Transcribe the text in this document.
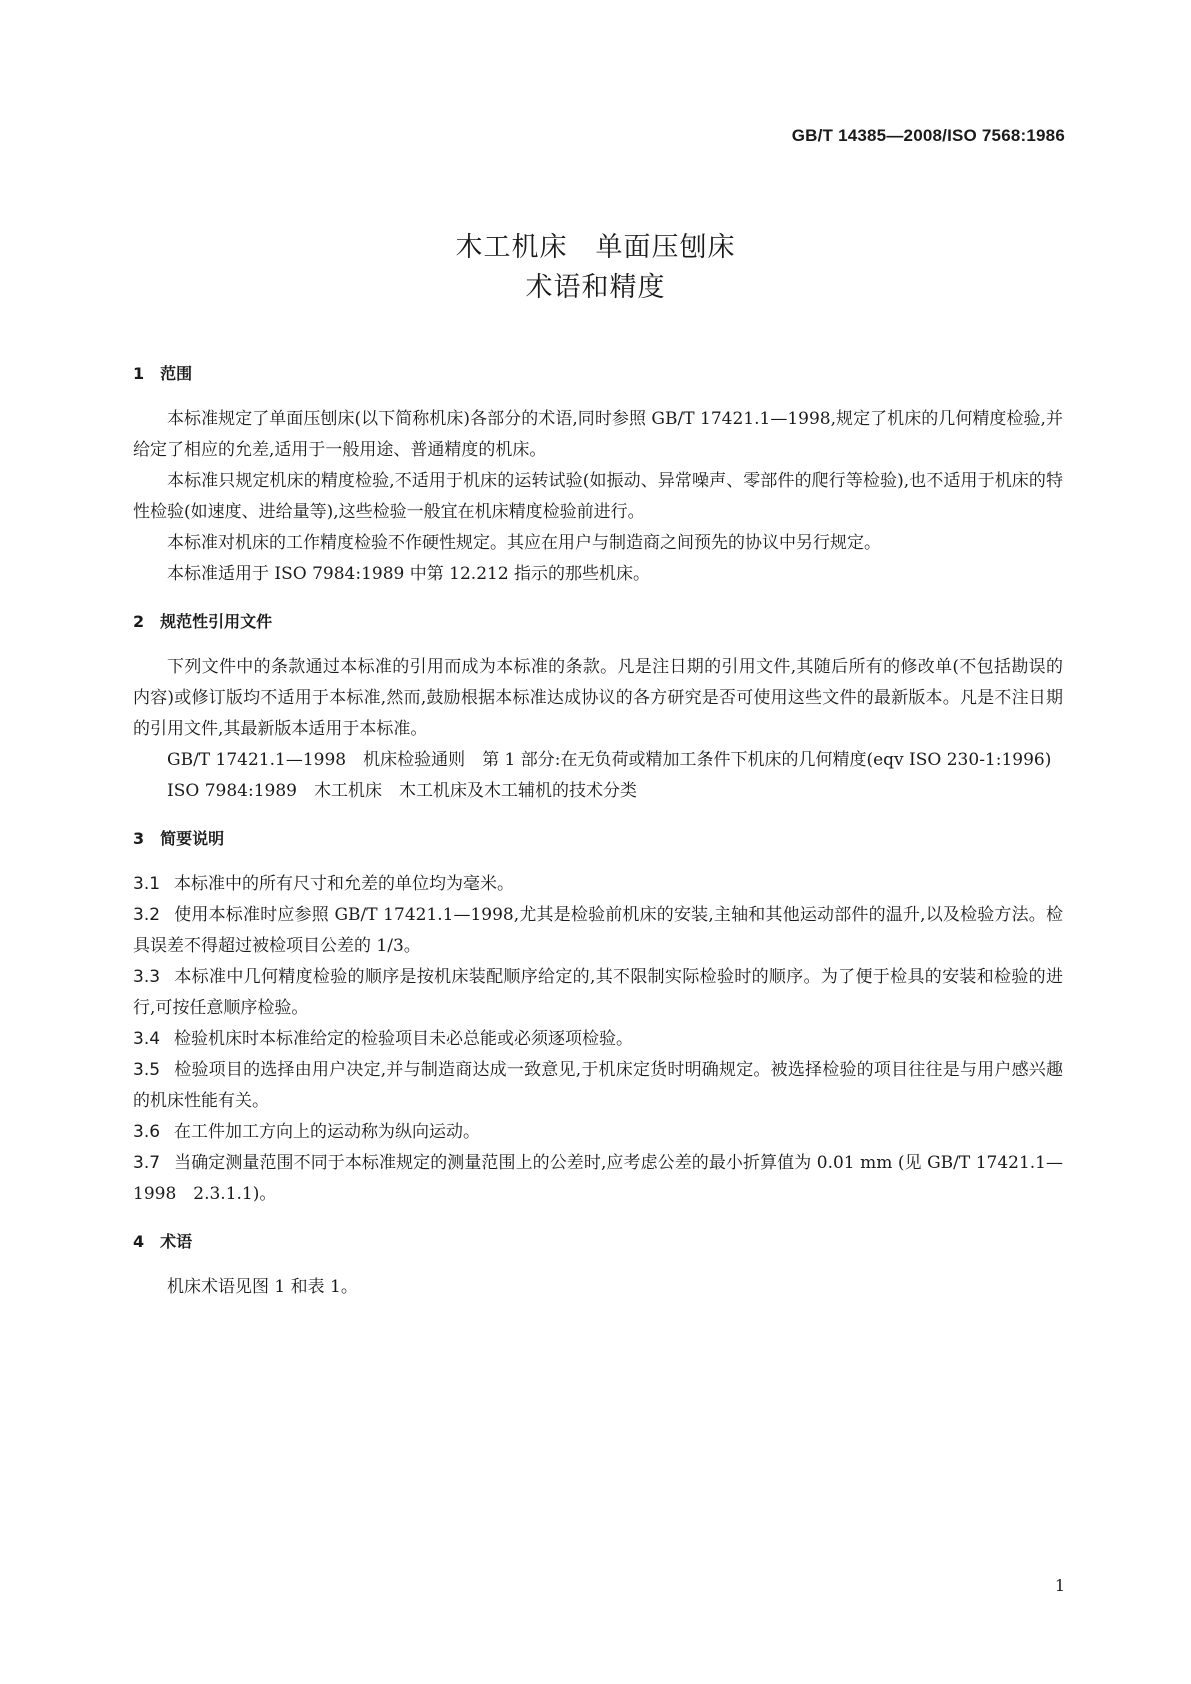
GB/T 14385—2008/ISO 7568:1986
木工机床　单面压刨床
术语和精度
1　范围

本标准规定了单面压刨床(以下简称机床)各部分的术语,同时参照 GB/T 17421.1—1998,规定了机床的几何精度检验,并给定了相应的允差,适用于一般用途、普通精度的机床。

本标准只规定机床的精度检验,不适用于机床的运转试验(如振动、异常噪声、零部件的爬行等检验),也不适用于机床的特性检验(如速度、进给量等),这些检验一般宜在机床精度检验前进行。

本标准对机床的工作精度检验不作硬性规定。其应在用户与制造商之间预先的协议中另行规定。

本标准适用于 ISO 7984:1989 中第 12.212 指示的那些机床。

2　规范性引用文件

下列文件中的条款通过本标准的引用而成为本标准的条款。凡是注日期的引用文件,其随后所有的修改单(不包括勘误的内容)或修订版均不适用于本标准,然而,鼓励根据本标准达成协议的各方研究是否可使用这些文件的最新版本。凡是不注日期的引用文件,其最新版本适用于本标准。

GB/T 17421.1—1998　机床检验通则　第 1 部分:在无负荷或精加工条件下机床的几何精度(eqv ISO 230-1:1996)

ISO 7984:1989　木工机床　木工机床及木工辅机的技术分类

3　简要说明

3.1 本标准中的所有尺寸和允差的单位均为毫米。

3.2 使用本标准时应参照 GB/T 17421.1—1998,尤其是检验前机床的安装,主轴和其他运动部件的温升,以及检验方法。检具误差不得超过被检项目公差的 1/3。

3.3 本标准中几何精度检验的顺序是按机床装配顺序给定的,其不限制实际检验时的顺序。为了便于检具的安装和检验的进行,可按任意顺序检验。

3.4 检验机床时本标准给定的检验项目未必总能或必须逐项检验。

3.5 检验项目的选择由用户决定,并与制造商达成一致意见,于机床定货时明确规定。被选择检验的项目往往是与用户感兴趣的机床性能有关。

3.6 在工件加工方向上的运动称为纵向运动。

3.7 当确定测量范围不同于本标准规定的测量范围上的公差时,应考虑公差的最小折算值为 0.01 mm (见 GB/T 17421.1—1998　2.3.1.1)。

4　术语

机床术语见图 1 和表 1。

1
